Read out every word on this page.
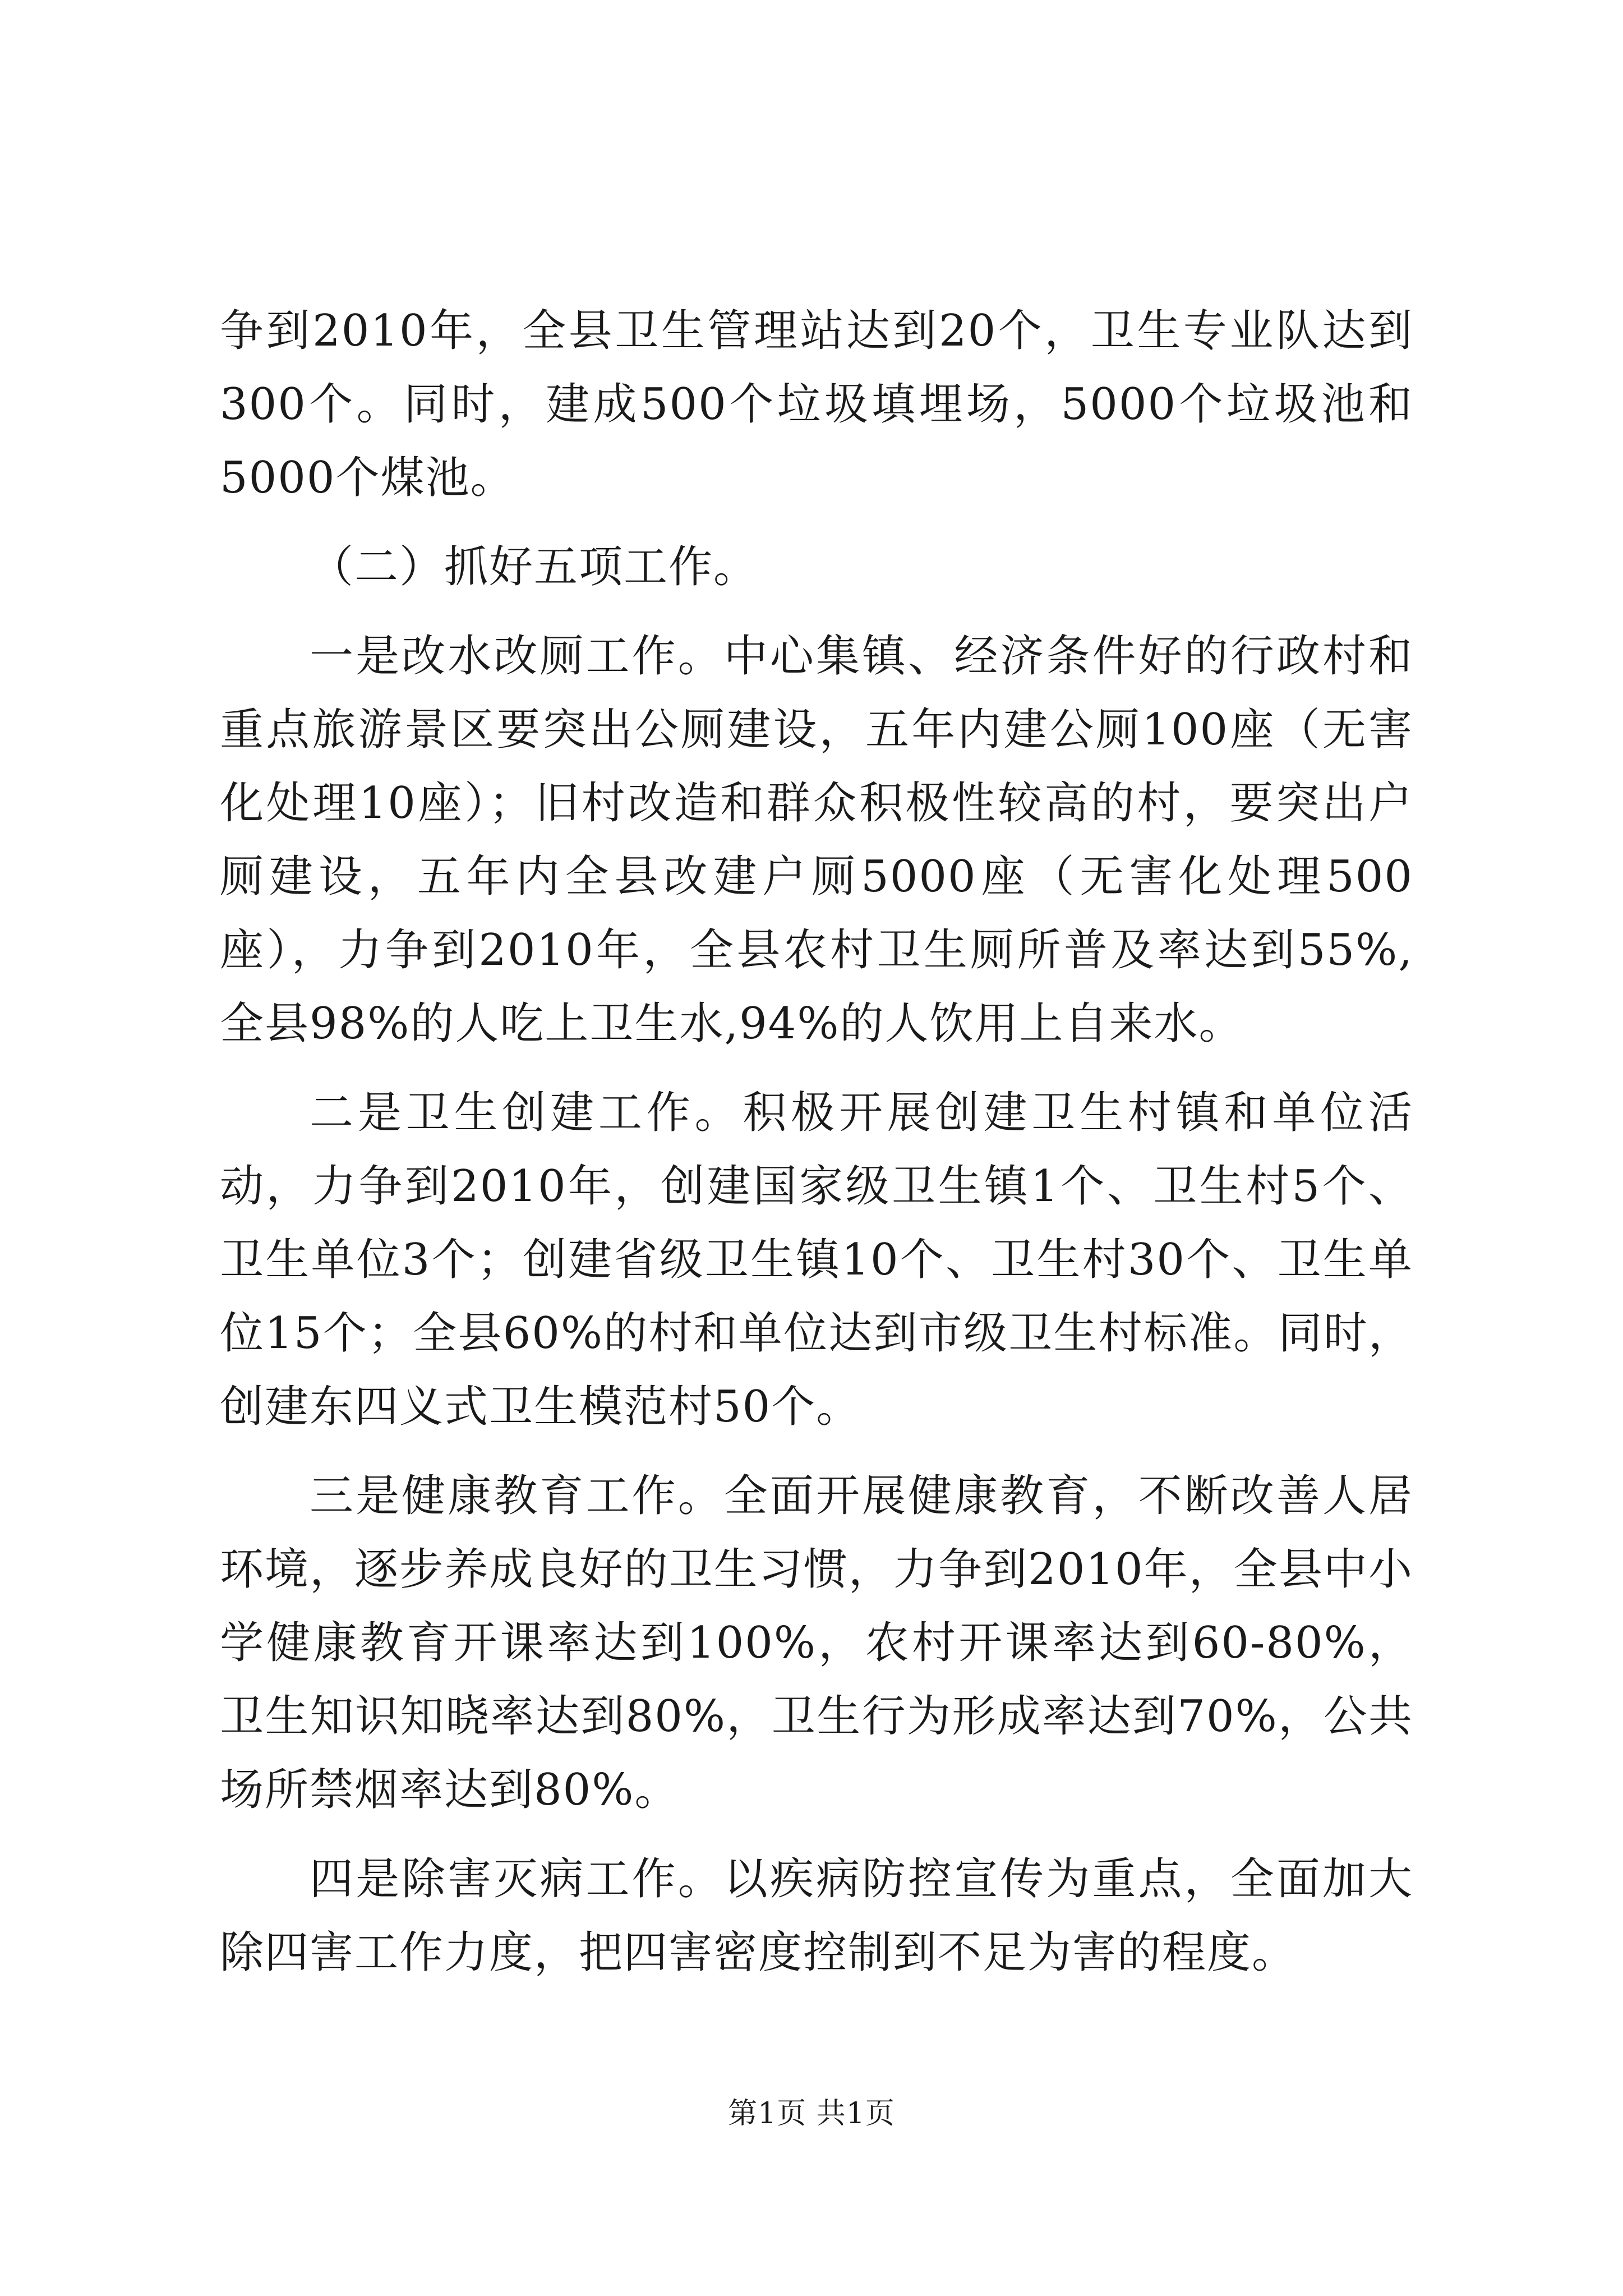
争到2010年，全县卫生管理站达到20个，卫生专业队达到300个。同时，建成500个垃圾填埋场，5000个垃圾池和5000个煤池。

（二）抓好五项工作。

一是改水改厕工作。中心集镇、经济条件好的行政村和重点旅游景区要突出公厕建设，五年内建公厕100座（无害化处理10座）；旧村改造和群众积极性较高的村，要突出户厕建设，五年内全县改建户厕5000座（无害化处理500座），力争到2010年，全县农村卫生厕所普及率达到55%,全县98%的人吃上卫生水,94%的人饮用上自来水。

二是卫生创建工作。积极开展创建卫生村镇和单位活动，力争到2010年，创建国家级卫生镇1个、卫生村5个、卫生单位3个；创建省级卫生镇10个、卫生村30个、卫生单位15个；全县60%的村和单位达到市级卫生村标准。同时，创建东四义式卫生模范村50个。

三是健康教育工作。全面开展健康教育，不断改善人居环境，逐步养成良好的卫生习惯，力争到2010年，全县中小学健康教育开课率达到100%，农村开课率达到60-80%，卫生知识知晓率达到80%，卫生行为形成率达到70%，公共场所禁烟率达到80%。

四是除害灭病工作。以疾病防控宣传为重点，全面加大除四害工作力度，把四害密度控制到不足为害的程度。

第1页 共1页
